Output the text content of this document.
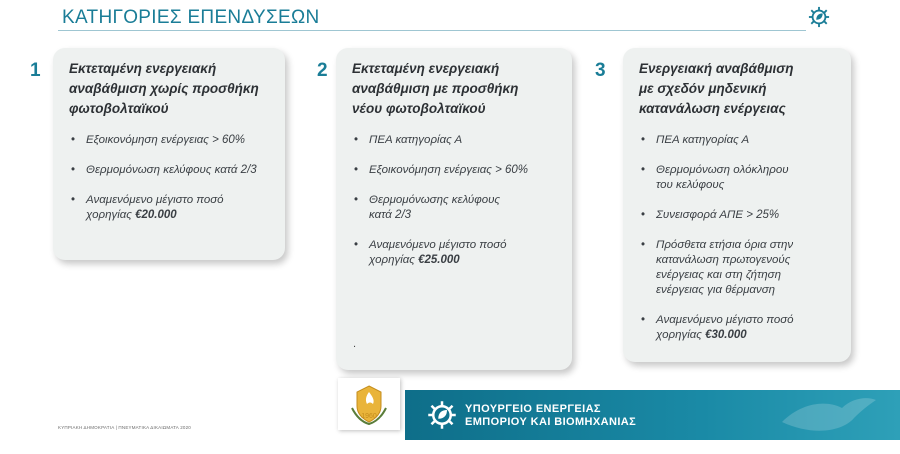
ΚΑΤΗΓΟΡΙΕΣ ΕΠΕΝΔΥΣΕΩΝ
1 Εκτεταμένη ενεργειακή
αναβάθμιση χωρίς προσθήκη
φωτοβολταϊκού
• Εξοικονόμηση ενέργειας > 60%
• Θερμομόνωση κελύφους κατά 2/3
• Αναμενόμενο μέγιστο ποσό
χορηγίας €20.000
2 Εκτεταμένη ενεργειακή
αναβάθμιση με προσθήκη
νέου φωτοβολταϊκού
• ΠΕΑ κατηγορίας Α
• Εξοικονόμηση ενέργειας > 60%
• Θερμομόνωσης κελύφους
κατά 2/3
• Αναμενόμενο μέγιστο ποσό
χορηγίας €25.000
.
3 Ενεργειακή αναβάθμιση
με σχεδόν μηδενική
κατανάλωση ενέργειας
• ΠΕΑ κατηγορίας Α
• Θερμομόνωση ολόκληρου
του κελύφους
• Συνεισφορά ΑΠΕ > 25%
• Πρόσθετα ετήσια όρια στην
κατανάλωση πρωτογενούς
ενέργειας και στη ζήτηση
ενέργειας για θέρμανση
• Αναμενόμενο μέγιστο ποσό
χορηγίας €30.000
1960
ΥΠΟΥΡΓΕΙΟ ΕΝΕΡΓΕΙΑΣ
ΕΜΠΟΡΙΟΥ ΚΑΙ ΒΙΟΜΗΧΑΝΙΑΣ
ΚΥΠΡΙΑΚΗ ΔΗΜΟΚΡΑΤΙΑ | ΠΝΕΥΜΑΤΙΚΑ ΔΙΚΑΙΩΜΑΤΑ 2020
